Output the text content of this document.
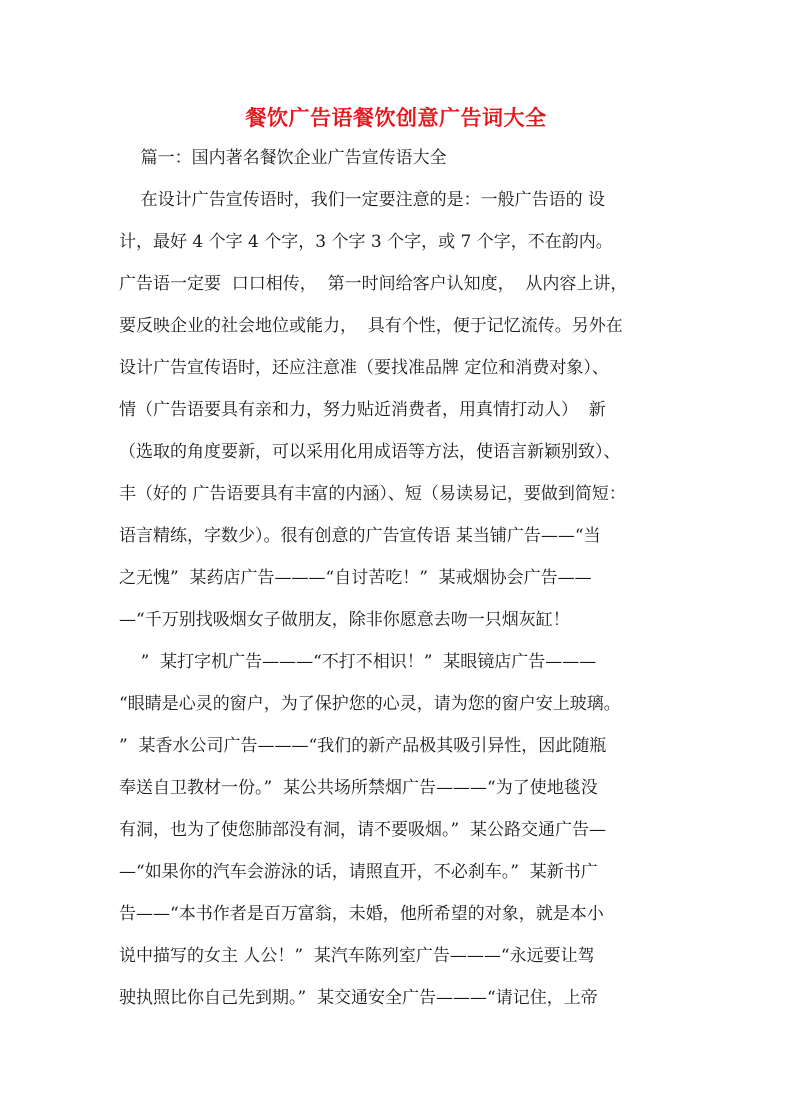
餐饮广告语餐饮创意广告词大全
篇一：国内著名餐饮企业广告宣传语大全
在设计广告宣传语时，我们一定要注意的是：一般广告语的 设
计，最好 4 个字 4 个字，3 个字 3 个字，或 7 个字，不在韵内。
广告语一定要  口口相传，  第一时间给客户认知度，  从内容上讲，
要反映企业的社会地位或能力，  具有个性，便于记忆流传。另外在
设计广告宣传语时，还应注意准（要找准品牌 定位和消费对象）、
情（广告语要具有亲和力，努力贴近消费者，用真情打动人）  新
（选取的角度要新，可以采用化用成语等方法，使语言新颖别致）、
丰（好的 广告语要具有丰富的内涵）、短（易读易记，要做到简短：
语言精练，字数少）。很有创意的广告宣传语 某当铺广告——“当
之无愧”  某药店广告———“自讨苦吃！”  某戒烟协会广告——
—“千万别找吸烟女子做朋友，除非你愿意去吻一只烟灰缸！
”  某打字机广告———“不打不相识！”  某眼镜店广告———
“眼睛是心灵的窗户，为了保护您的心灵，请为您的窗户安上玻璃。
”  某香水公司广告———“我们的新产品极其吸引异性，因此随瓶
奉送自卫教材一份。”  某公共场所禁烟广告———“为了使地毯没
有洞，也为了使您肺部没有洞，请不要吸烟。”  某公路交通广告—
—“如果你的汽车会游泳的话，请照直开，不必刹车。”  某新书广
告——“本书作者是百万富翁，未婚，他所希望的对象，就是本小
说中描写的女主 人公！”  某汽车陈列室广告———“永远要让驾
驶执照比你自己先到期。”  某交通安全广告———“请记住，上帝
